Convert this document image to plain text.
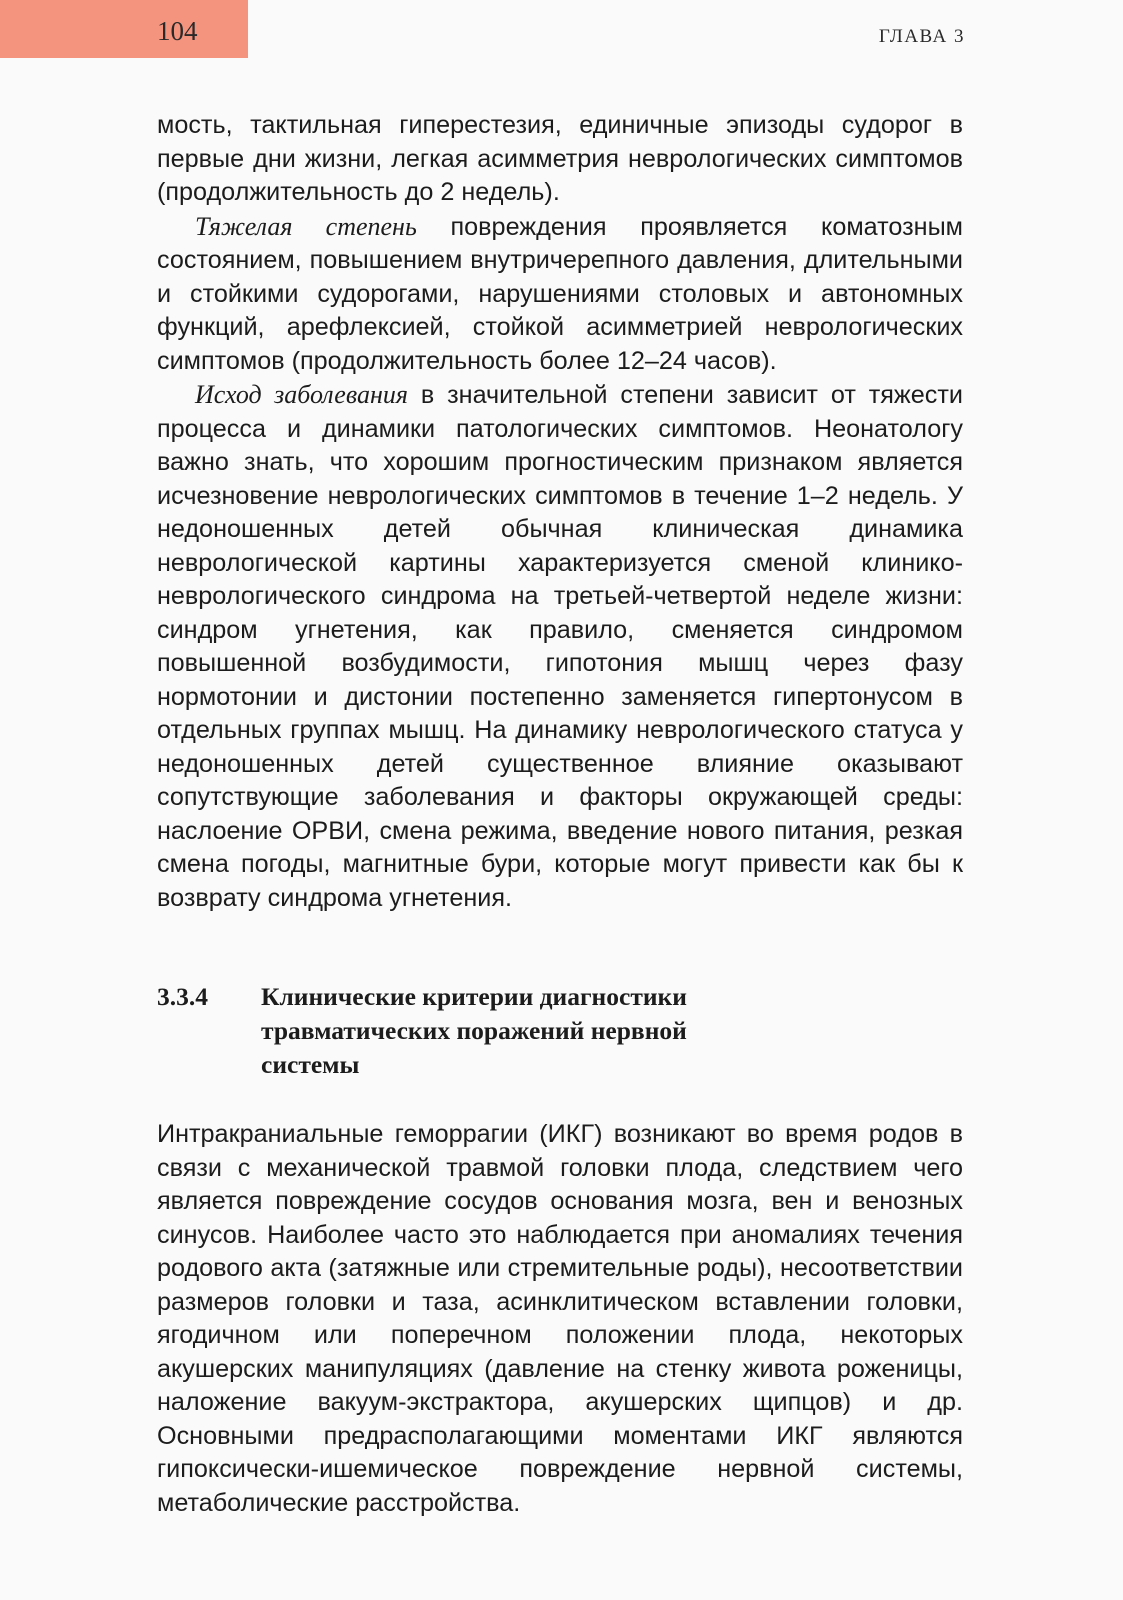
104	ГЛАВА 3

мость, тактильная гиперестезия, единичные эпизоды судорог в первые дни жизни, легкая асимметрия неврологических симптомов (продолжительность до 2 недель).

Тяжелая степень повреждения проявляется коматозным состоянием, повышением внутричерепного давления, длительными и стойкими судорогами, нарушениями столовых и автономных функций, арефлексией, стойкой асимметрией неврологических симптомов (продолжительность более 12–24 часов).

Исход заболевания в значительной степени зависит от тяжести процесса и динамики патологических симптомов. Неонатологу важно знать, что хорошим прогностическим признаком является исчезновение неврологических симптомов в течение 1–2 недель. У недоношенных детей обычная клиническая динамика неврологической картины характеризуется сменой клинико-неврологического синдрома на третьей-четвертой неделе жизни: синдром угнетения, как правило, сменяется синдромом повышенной возбудимости, гипотония мышц через фазу нормотонии и дистонии постепенно заменяется гипертонусом в отдельных группах мышц. На динамику неврологического статуса у недоношенных детей существенное влияние оказывают сопутствующие заболевания и факторы окружающей среды: наслоение ОРВИ, смена режима, введение нового питания, резкая смена погоды, магнитные бури, которые могут привести как бы к возврату синдрома угнетения.

3.3.4	Клинические критерии диагностики травматических поражений нервной системы

Интракраниальные геморрагии (ИКГ) возникают во время родов в связи с механической травмой головки плода, следствием чего является повреждение сосудов основания мозга, вен и венозных синусов. Наиболее часто это наблюдается при аномалиях течения родового акта (затяжные или стремительные роды), несоответствии размеров головки и таза, асинклитическом вставлении головки, ягодичном или поперечном положении плода, некоторых акушерских манипуляциях (давление на стенку живота роженицы, наложение вакуум-экстрактора, акушерских щипцов) и др. Основными предрасполагающими моментами ИКГ являются гипоксически-ишемическое повреждение нервной системы, метаболические расстройства.
